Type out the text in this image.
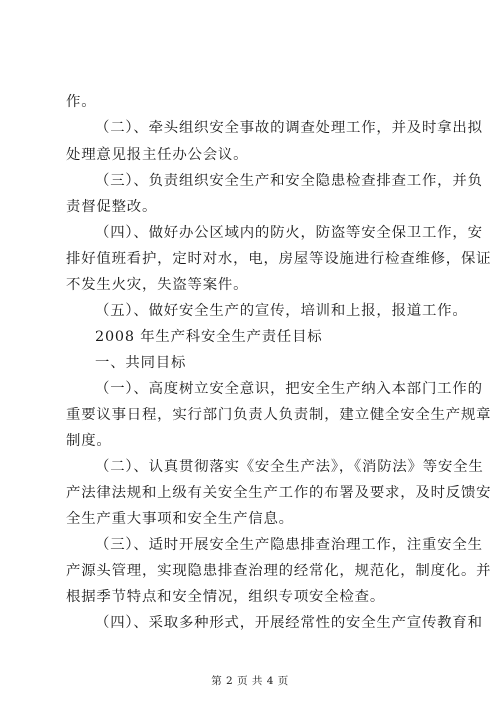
作。
（二）、牵头组织安全事故的调查处理工作，并及时拿出拟
处理意见报主任办公会议。
（三）、负责组织安全生产和安全隐患检查排查工作，并负
责督促整改。
（四）、做好办公区域内的防火，防盗等安全保卫工作，安
排好值班看护，定时对水，电，房屋等设施进行检查维修，保证
不发生火灾，失盗等案件。
（五）、做好安全生产的宣传，培训和上报，报道工作。
2008 年生产科安全生产责任目标
一、共同目标
（一）、高度树立安全意识，把安全生产纳入本部门工作的
重要议事日程，实行部门负责人负责制，建立健全安全生产规章
制度。
（二）、认真贯彻落实《安全生产法》，《消防法》等安全生
产法律法规和上级有关安全生产工作的布署及要求，及时反馈安
全生产重大事项和安全生产信息。
（三）、适时开展安全生产隐患排查治理工作，注重安全生
产源头管理，实现隐患排查治理的经常化，规范化，制度化。并
根据季节特点和安全情况，组织专项安全检查。
（四）、采取多种形式，开展经常性的安全生产宣传教育和
第 2 页 共 4 页
